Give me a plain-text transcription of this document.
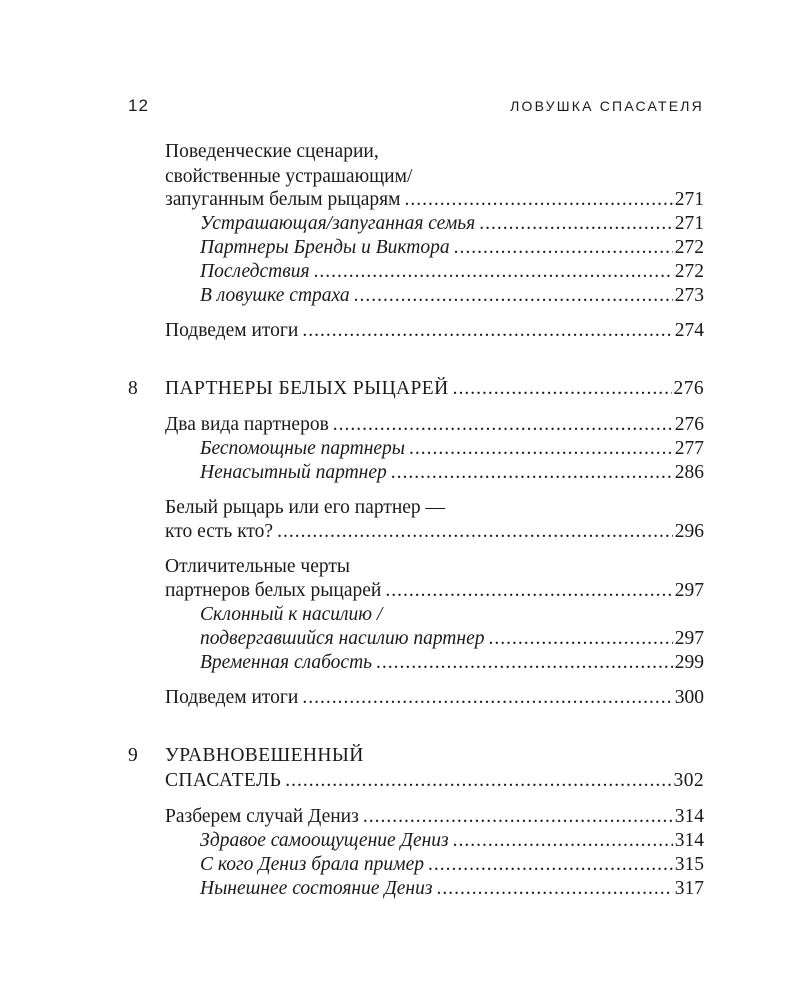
12	ЛОВУШКА СПАСАТЕЛЯ
Поведенческие сценарии,
свойственные устрашающим/
запуганным белым рыцарям .....	271
Устрашающая/запуганная семья .....	271
Партнеры Бренды и Виктора .....	272
Последствия .....	272
В ловушке страха .....	273
Подведем итоги .....	274
8 ПАРТНЕРЫ БЕЛЫХ РЫЦАРЕЙ .....	276
Два вида партнеров .....	276
Беспомощные партнеры .....	277
Ненасытный партнер .....	286
Белый рыцарь или его партнер —
кто есть кто? .....	296
Отличительные черты
партнеров белых рыцарей .....	297
Склонный к насилию /
подвергавшийся насилию партнер .....	297
Временная слабость .....	299
Подведем итоги .....	300
9 УРАВНОВЕШЕННЫЙ
СПАСАТЕЛЬ .....	302
Разберем случай Дениз .....	314
Здравое самоощущение Дениз .....	314
С кого Дениз брала пример .....	315
Нынешнее состояние Дениз .....	317
